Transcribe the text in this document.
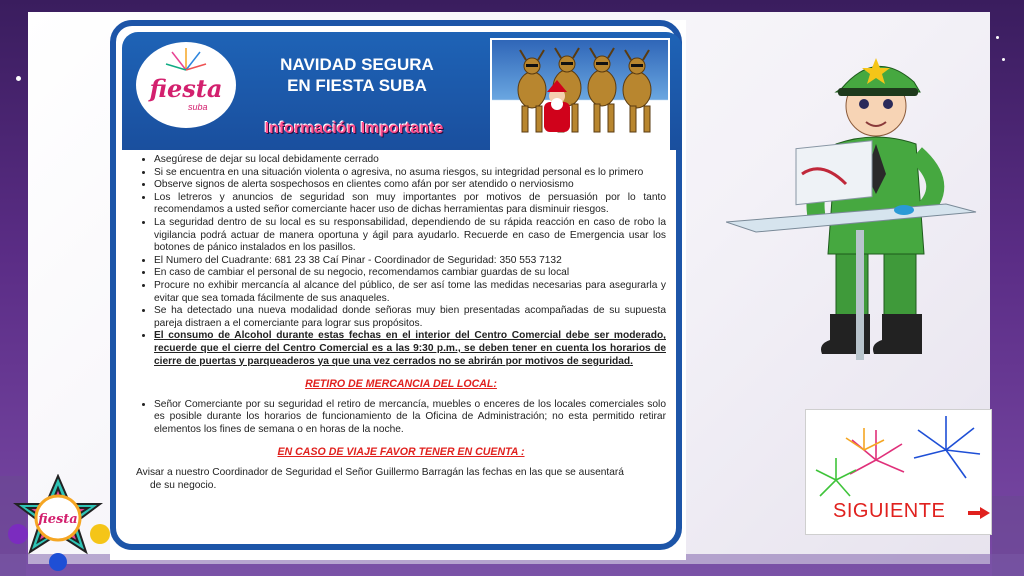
fiesta
suba
NAVIDAD SEGURA
EN FIESTA SUBA
Información Importante
• Asegúrese de dejar su local debidamente cerrado
• Si se encuentra en una situación violenta o agresiva, no asuma riesgos, su integridad personal es lo primero
• Observe signos de alerta sospechosos en clientes como afán por ser atendido o nerviosismo
• Los letreros y anuncios de seguridad son muy importantes por motivos de persuasión por lo tanto recomendamos a usted señor comerciante hacer uso de dichas herramientas para disminuir riesgos.
• La seguridad dentro de su local es su responsabilidad, dependiendo de su rápida reacción en caso de robo la vigilancia podrá actuar de manera oportuna y ágil para ayudarlo. Recuerde en caso de Emergencia usar los botones de pánico instalados en los pasillos.
• El Numero del Cuadrante: 681 23 38 Caí Pinar - Coordinador de Seguridad: 350 553 7132
• En caso de cambiar el personal de su negocio, recomendamos cambiar guardas de su local
• Procure no exhibir mercancía al alcance del público, de ser así tome las medidas necesarias para asegurarla y evitar que sea tomada fácilmente de sus anaqueles.
• Se ha detectado una nueva modalidad donde señoras muy bien presentadas acompañadas de su supuesta pareja distraen a el comerciante para lograr sus propósitos.
• El consumo de Alcohol durante estas fechas en el interior del Centro Comercial debe ser moderado, recuerde que el cierre del Centro Comercial es a las 9:30 p.m., se deben tener en cuenta los horarios de cierre de puertas y parqueaderos ya que una vez cerrados no se abrirán por motivos de seguridad.
RETIRO DE MERCANCIA DEL LOCAL:
• Señor Comerciante por su seguridad el retiro de mercancía, muebles o enceres de los locales comerciales solo es posible durante los horarios de funcionamiento de la Oficina de Administración; no esta permitido retirar elementos los fines de semana o en horas de la noche.
EN CASO DE VIAJE FAVOR TENER EN CUENTA :
Avisar a nuestro Coordinador de Seguridad el Señor Guillermo Barragán las fechas en las que se ausentará
de su negocio.
SIGUIENTE
fiesta
